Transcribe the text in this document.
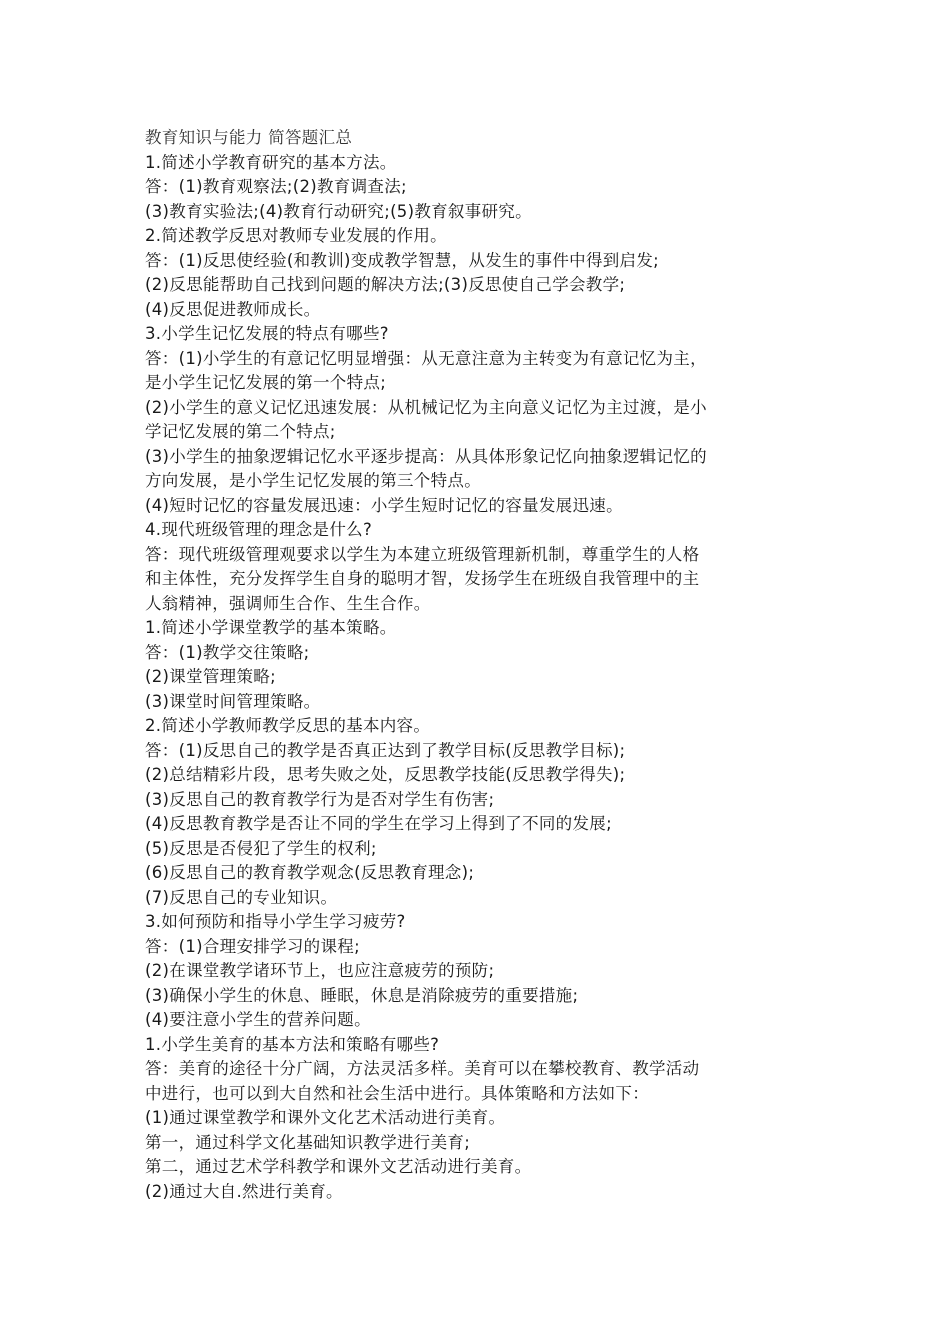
教育知识与能力 简答题汇总
1.简述小学教育研究的基本方法。
答：(1)教育观察法;(2)教育调查法;
(3)教育实验法;(4)教育行动研究;(5)教育叙事研究。
2.简述教学反思对教师专业发展的作用。
答：(1)反思使经验(和教训)变成教学智慧，从发生的事件中得到启发;
(2)反思能帮助自己找到问题的解决方法;(3)反思使自己学会教学;
(4)反思促进教师成长。
3.小学生记忆发展的特点有哪些?
答：(1)小学生的有意记忆明显增强：从无意注意为主转变为有意记忆为主，
是小学生记忆发展的第一个特点;
(2)小学生的意义记忆迅速发展：从机械记忆为主向意义记忆为主过渡，是小
学记忆发展的第二个特点;
(3)小学生的抽象逻辑记忆水平逐步提高：从具体形象记忆向抽象逻辑记忆的
方向发展，是小学生记忆发展的第三个特点。
(4)短时记忆的容量发展迅速：小学生短时记忆的容量发展迅速。
4.现代班级管理的理念是什么?
答：现代班级管理观要求以学生为本建立班级管理新机制，尊重学生的人格
和主体性，充分发挥学生自身的聪明才智，发扬学生在班级自我管理中的主
人翁精神，强调师生合作、生生合作。
1.简述小学课堂教学的基本策略。
答：(1)教学交往策略;
(2)课堂管理策略;
(3)课堂时间管理策略。
2.简述小学教师教学反思的基本内容。
答：(1)反思自己的教学是否真正达到了教学目标(反思教学目标);
(2)总结精彩片段，思考失败之处，反思教学技能(反思教学得失);
(3)反思自己的教育教学行为是否对学生有伤害;
(4)反思教育教学是否让不同的学生在学习上得到了不同的发展;
(5)反思是否侵犯了学生的权利;
(6)反思自己的教育教学观念(反思教育理念);
(7)反思自己的专业知识。
3.如何预防和指导小学生学习疲劳?
答：(1)合理安排学习的课程;
(2)在课堂教学诸环节上，也应注意疲劳的预防;
(3)确保小学生的休息、睡眠，休息是消除疲劳的重要措施;
(4)要注意小学生的营养问题。
1.小学生美育的基本方法和策略有哪些?
答：美育的途径十分广阔，方法灵活多样。美育可以在攀校教育、教学活动
中进行，也可以到大自然和社会生活中进行。具体策略和方法如下：
(1)通过课堂教学和课外文化艺术活动进行美育。
第一，通过科学文化基础知识教学进行美育;
第二，通过艺术学科教学和课外文艺活动进行美育。
(2)通过大自.然进行美育。
